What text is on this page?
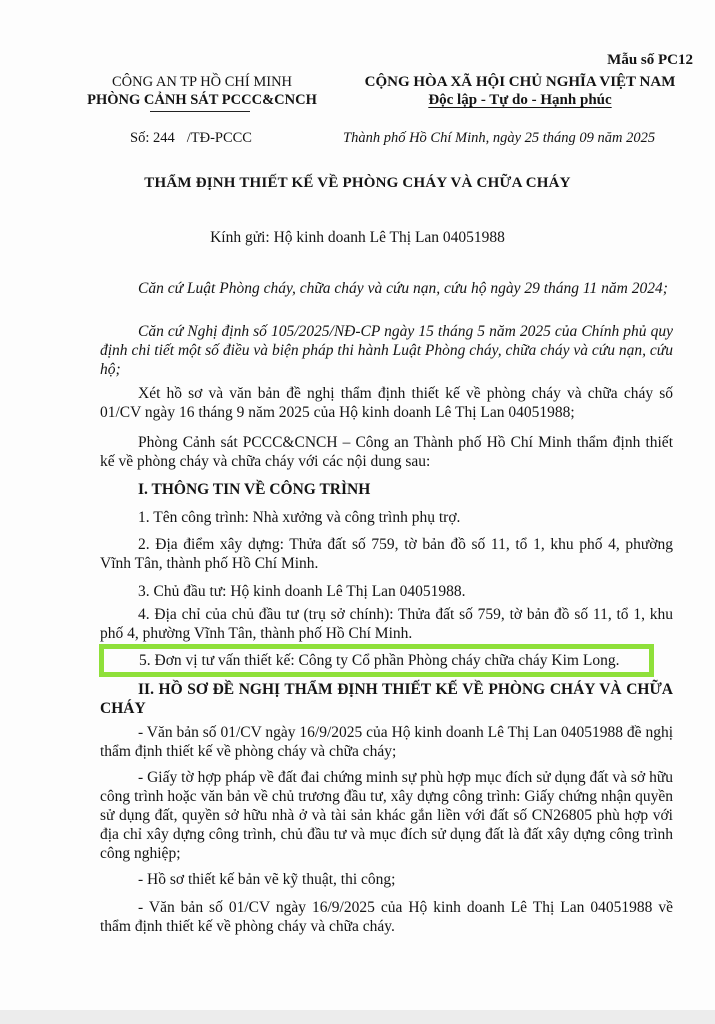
Mẫu số PC12
CÔNG AN TP HỒ CHÍ MINH
PHÒNG CẢNH SÁT PCCC&CNCH
CỘNG HÒA XÃ HỘI CHỦ NGHĨA VIỆT NAM
Độc lập - Tự do - Hạnh phúc
Số: 244 /TĐ-PCCC	Thành phố Hồ Chí Minh, ngày 25 tháng 09 năm 2025
THẨM ĐỊNH THIẾT KẾ VỀ PHÒNG CHÁY VÀ CHỮA CHÁY
Kính gửi: Hộ kinh doanh Lê Thị Lan 04051988
Căn cứ Luật Phòng cháy, chữa cháy và cứu nạn, cứu hộ ngày 29 tháng 11 năm 2024;
Căn cứ Nghị định số 105/2025/NĐ-CP ngày 15 tháng 5 năm 2025 của Chính phủ quy định chi tiết một số điều và biện pháp thi hành Luật Phòng cháy, chữa cháy và cứu nạn, cứu hộ;
Xét hồ sơ và văn bản đề nghị thẩm định thiết kế về phòng cháy và chữa cháy số 01/CV ngày 16 tháng 9 năm 2025 của Hộ kinh doanh Lê Thị Lan 04051988;
Phòng Cảnh sát PCCC&CNCH – Công an Thành phố Hồ Chí Minh thẩm định thiết kế về phòng cháy và chữa cháy với các nội dung sau:
I. THÔNG TIN VỀ CÔNG TRÌNH
1. Tên công trình: Nhà xưởng và công trình phụ trợ.
2. Địa điểm xây dựng: Thửa đất số 759, tờ bản đồ số 11, tổ 1, khu phố 4, phường Vĩnh Tân, thành phố Hồ Chí Minh.
3. Chủ đầu tư: Hộ kinh doanh Lê Thị Lan 04051988.
4. Địa chỉ của chủ đầu tư (trụ sở chính): Thửa đất số 759, tờ bản đồ số 11, tổ 1, khu phố 4, phường Vĩnh Tân, thành phố Hồ Chí Minh.
5. Đơn vị tư vấn thiết kế: Công ty Cổ phần Phòng cháy chữa cháy Kim Long.
II. HỒ SƠ ĐỀ NGHỊ THẨM ĐỊNH THIẾT KẾ VỀ PHÒNG CHÁY VÀ CHỮA CHÁY
- Văn bản số 01/CV ngày 16/9/2025 của Hộ kinh doanh Lê Thị Lan 04051988 đề nghị thẩm định thiết kế về phòng cháy và chữa cháy;
- Giấy tờ hợp pháp về đất đai chứng minh sự phù hợp mục đích sử dụng đất và sở hữu công trình hoặc văn bản về chủ trương đầu tư, xây dựng công trình: Giấy chứng nhận quyền sử dụng đất, quyền sở hữu nhà ở và tài sản khác gắn liền với đất số CN26805 phù hợp với địa chỉ xây dựng công trình, chủ đầu tư và mục đích sử dụng đất là đất xây dựng công trình công nghiệp;
- Hồ sơ thiết kế bản vẽ kỹ thuật, thi công;
- Văn bản số 01/CV ngày 16/9/2025 của Hộ kinh doanh Lê Thị Lan 04051988 về thẩm định thiết kế về phòng cháy và chữa cháy.
